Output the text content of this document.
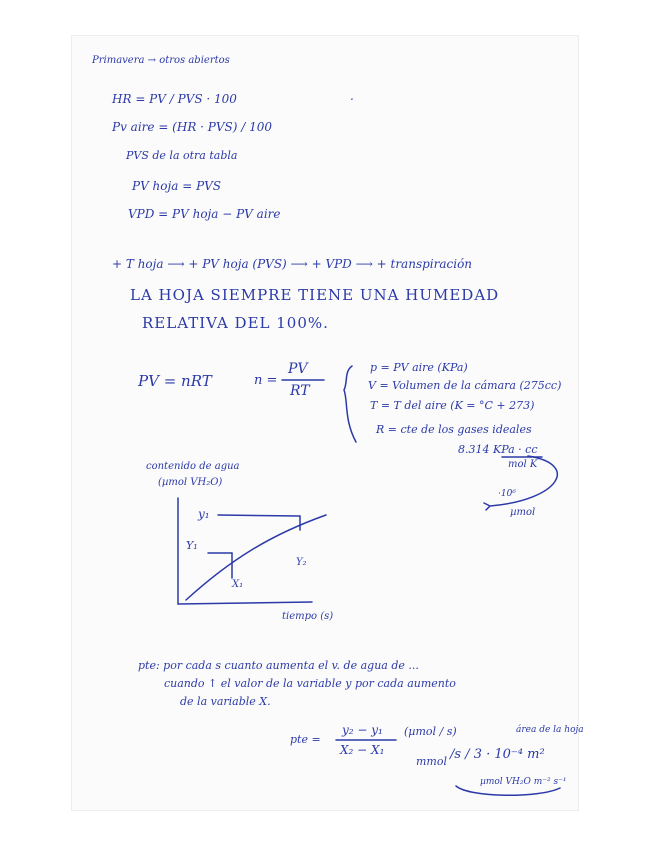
Primavera → otros abiertos
HR = PV / PVS · 100	.
Pv aire = (HR · PVS) / 100
PVS de la otra tabla
PV hoja = PVS
VPD = PV hoja − PV aire
+ T hoja ⟶ + PV hoja (PVS) ⟶ + VPD ⟶ + transpiración
LA HOJA SIEMPRE TIENE UNA HUMEDAD
RELATIVA DEL 100%.
PV = nRT	n =
PV
RT
p = PV aire (KPa)
V = Volumen de la cámara (275cc)
T = T del aire (K = °C + 273)
R = cte de los gases ideales
8.314 KPa · cc
mol K
·10⁶
µmol
contenido de agua
(µmol VH₂O)
y₁
Y₁
Y₂
X₁
tiempo (s)
pte: por cada s cuanto aumenta el v. de agua de ...
cuando ↑ el valor de la variable y por cada aumento
de la variable X.
pte =
y₂ − y₁
X₂ − X₁
(µmol / s)	área de la hoja
mmol /s / 3 · 10⁻⁴ m²
µmol VH₂O m⁻² s⁻¹
